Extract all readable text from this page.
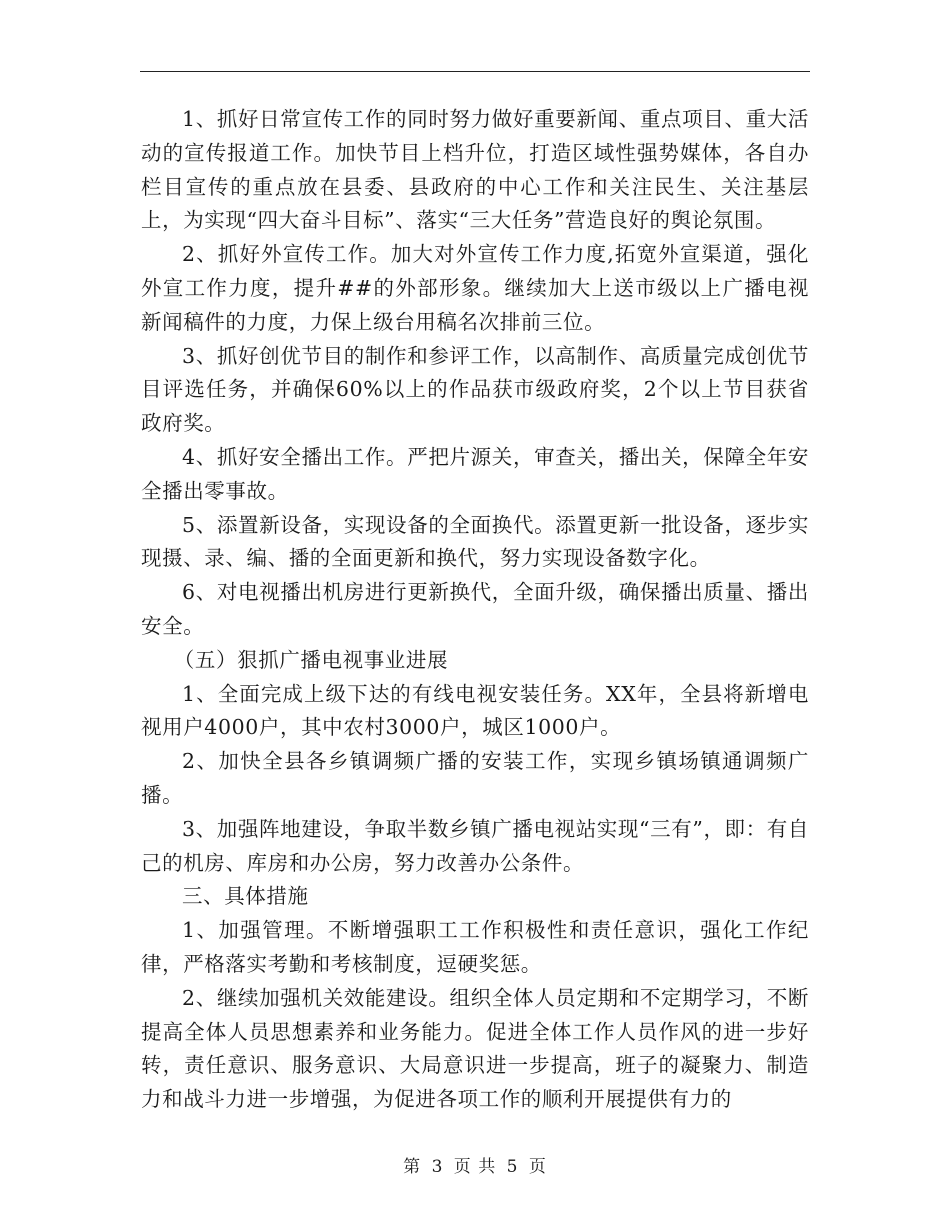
1、抓好日常宣传工作的同时努力做好重要新闻、重点项目、重大活动的宣传报道工作。加快节目上档升位，打造区域性强势媒体，各自办栏目宣传的重点放在县委、县政府的中心工作和关注民生、关注基层上，为实现“四大奋斗目标”、落实“三大任务”营造良好的舆论氛围。

2、抓好外宣传工作。加大对外宣传工作力度,拓宽外宣渠道，强化外宣工作力度，提升##的外部形象。继续加大上送市级以上广播电视新闻稿件的力度，力保上级台用稿名次排前三位。

3、抓好创优节目的制作和参评工作，以高制作、高质量完成创优节目评选任务，并确保60%以上的作品获市级政府奖，2个以上节目获省政府奖。

4、抓好安全播出工作。严把片源关，审查关，播出关，保障全年安全播出零事故。

5、添置新设备，实现设备的全面换代。添置更新一批设备，逐步实现摄、录、编、播的全面更新和换代，努力实现设备数字化。

6、对电视播出机房进行更新换代，全面升级，确保播出质量、播出安全。

（五）狠抓广播电视事业进展

1、全面完成上级下达的有线电视安装任务。XX年，全县将新增电视用户4000户，其中农村3000户，城区1000户。

2、加快全县各乡镇调频广播的安装工作，实现乡镇场镇通调频广播。

3、加强阵地建设，争取半数乡镇广播电视站实现“三有”，即：有自己的机房、库房和办公房，努力改善办公条件。

三、具体措施

1、加强管理。不断增强职工工作积极性和责任意识，强化工作纪律，严格落实考勤和考核制度，逗硬奖惩。

2、继续加强机关效能建设。组织全体人员定期和不定期学习，不断提高全体人员思想素养和业务能力。促进全体工作人员作风的进一步好转，责任意识、服务意识、大局意识进一步提高，班子的凝聚力、制造力和战斗力进一步增强，为促进各项工作的顺利开展提供有力的

第 3 页 共 5 页
